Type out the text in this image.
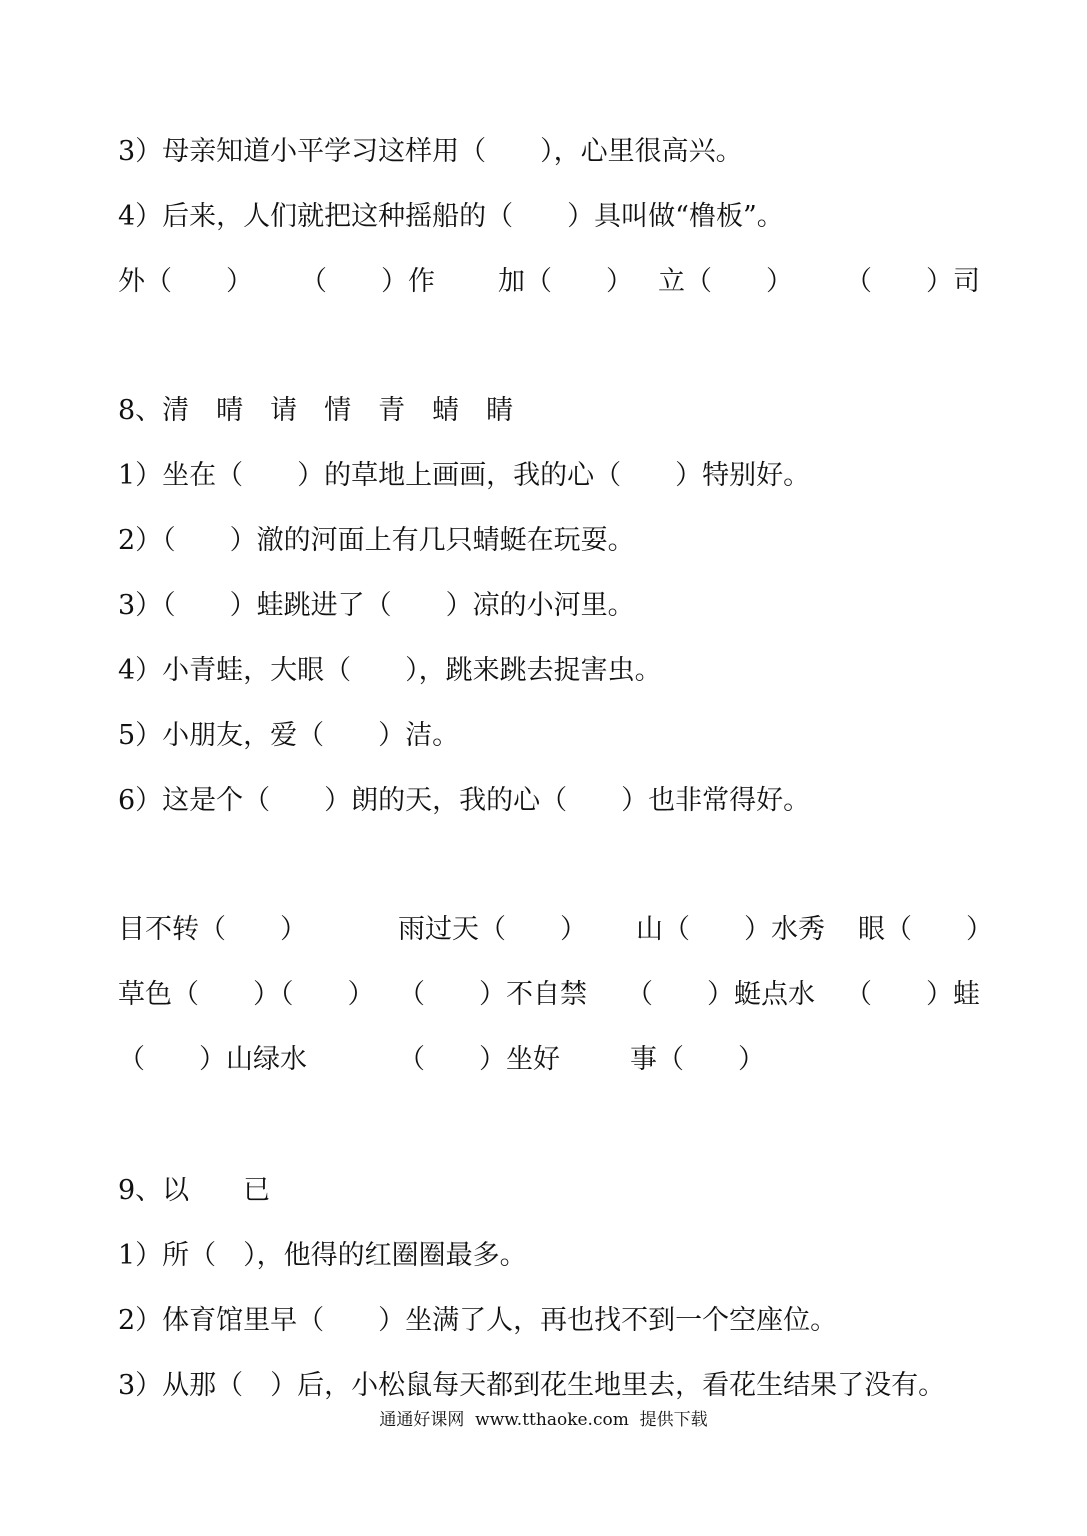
3）母亲知道小平学习这样用（　　），心里很高兴。
4）后来，人们就把这种摇船的（　　）具叫做“橹板”。
外（　　） （　　）作 加（　　） 立（　　） （　　）司
8、清　晴　请　情　青　蜻　睛
1）坐在（　　）的草地上画画，我的心（　　）特别好。
2）（　　）澈的河面上有几只蜻蜓在玩耍。
3）（　　）蛙跳进了（　　）凉的小河里。
4）小青蛙，大眼（　　），跳来跳去捉害虫。
5）小朋友，爱（　　）洁。
6）这是个（　　）朗的天，我的心（　　）也非常得好。
目不转（　　）	雨过天（　　） 山（　　）水秀 眼（　　）
草色（　　）（　　） （　　）不自禁 （　　）蜓点水 （　　）蛙
（　　）山绿水	（　　）坐好	事（　　）
9、以　　已
1）所（　），他得的红圈圈最多。
2）体育馆里早（　　）坐满了人，再也找不到一个空座位。
3）从那（　）后，小松鼠每天都到花生地里去，看花生结果了没有。
通通好课网  www.tthaoke.com  提供下载
